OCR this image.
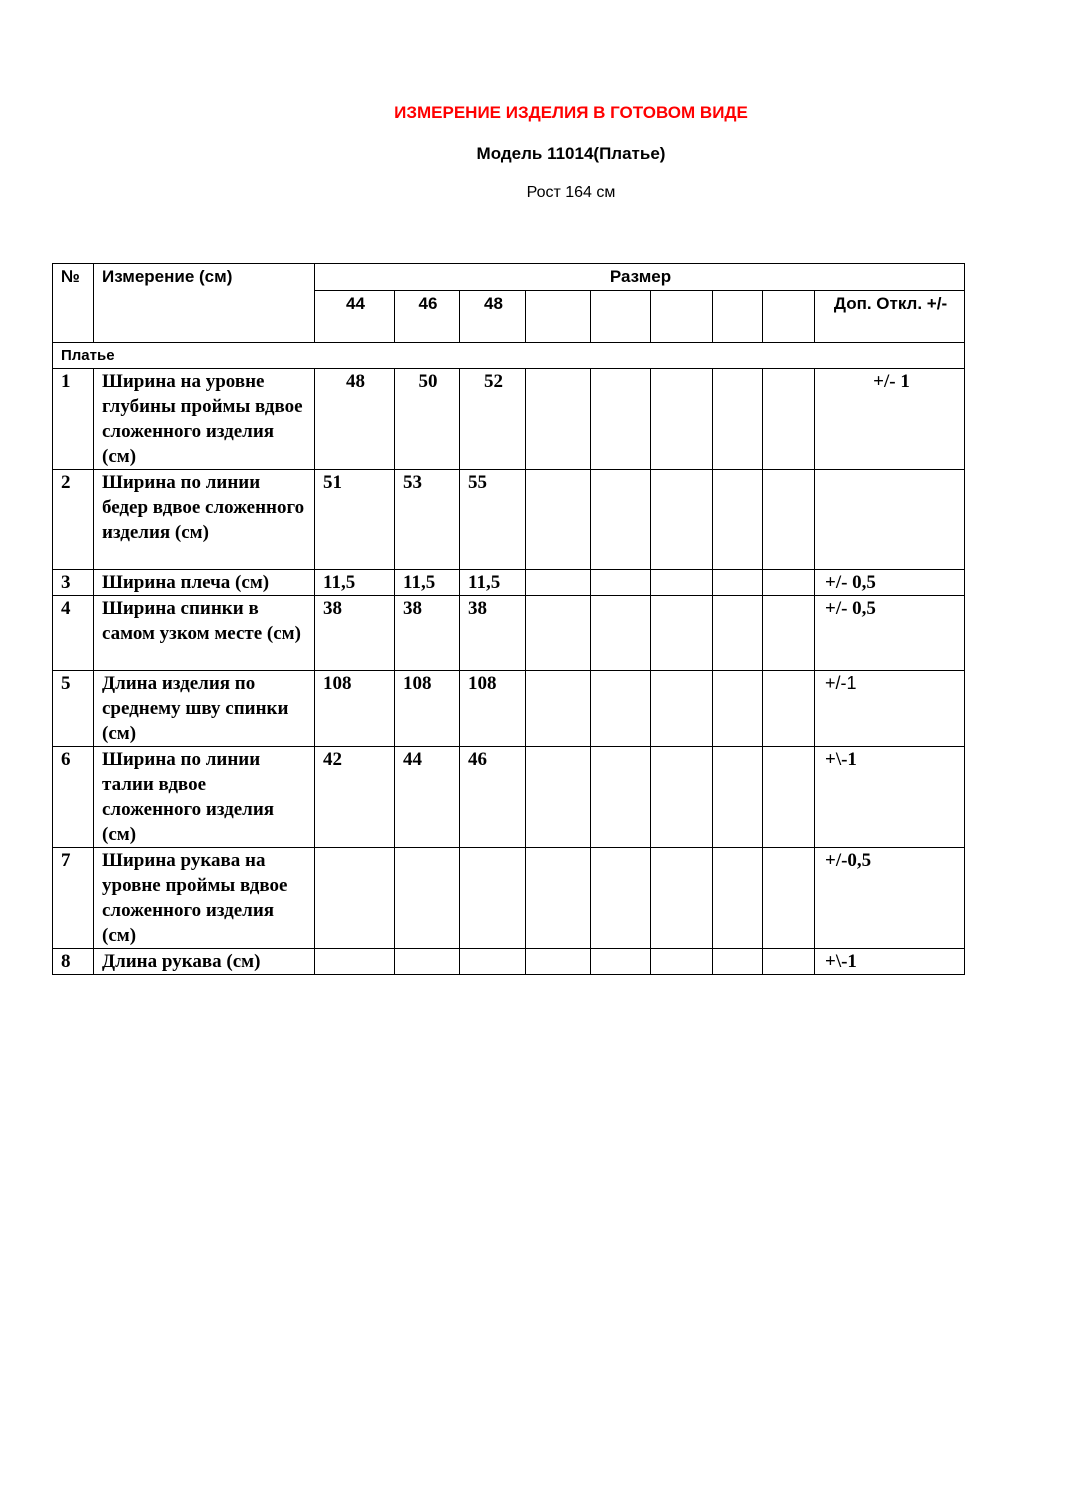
ИЗМЕРЕНИЕ ИЗДЕЛИЯ В ГОТОВОМ ВИДЕ
Модель 11014(Платье)
Рост 164 см
№	Измерение (см)	Размер								
		44	46	48						Доп. Откл. +/-
Платье										
1	Ширина на уровне глубины проймы вдвое сложенного изделия (см)	48	50	52						+/- 1
2	Ширина по линии бедер вдвое сложенного изделия (см)	51	53	55						
3	Ширина плеча (см)	11,5	11,5	11,5						+/- 0,5
4	Ширина спинки в самом узком месте (см)	38	38	38						+/- 0,5
5	Длина изделия по среднему шву спинки (см)	108	108	108						+/-1
6	Ширина по линии талии вдвое сложенного изделия (см)	42	44	46						+\-1
7	Ширина рукава на уровне проймы вдвое сложенного изделия (см)									+/-0,5
8	Длина рукава (см)									+\-1
